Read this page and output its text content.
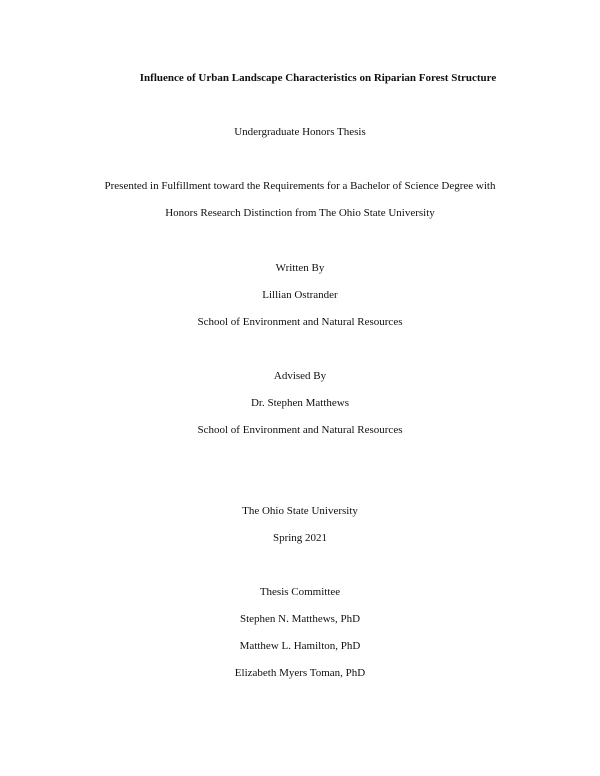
Influence of Urban Landscape Characteristics on Riparian Forest Structure
Undergraduate Honors Thesis
Presented in Fulfillment toward the Requirements for a Bachelor of Science Degree with
Honors Research Distinction from The Ohio State University
Written By
Lillian Ostrander
School of Environment and Natural Resources
Advised By
Dr. Stephen Matthews
School of Environment and Natural Resources
The Ohio State University
Spring 2021
Thesis Committee
Stephen N. Matthews, PhD
Matthew L. Hamilton, PhD
Elizabeth Myers Toman, PhD
